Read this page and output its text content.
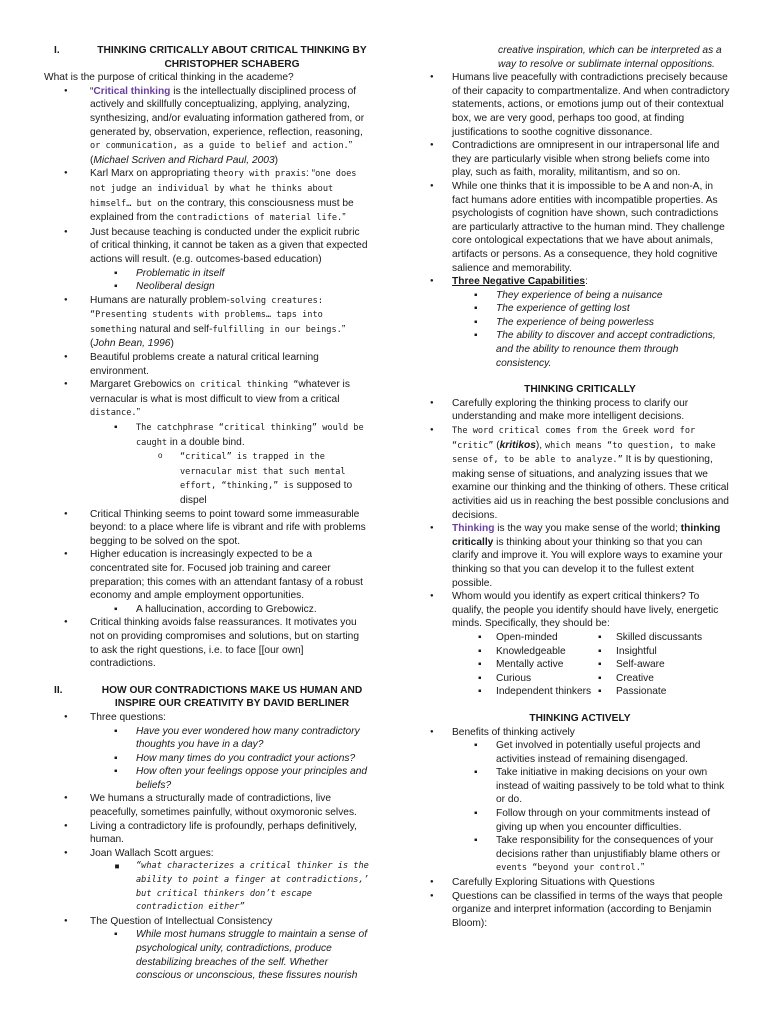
I.	THINKING CRITICALLY ABOUT CRITICAL THINKING BY
CHRISTOPHER SCHABERG
What is the purpose of critical thinking in the academe?
● “Critical thinking is the intellectually disciplined process of actively and skillfully conceptualizing, applying, analyzing, synthesizing, and/or evaluating information gathered from, or generated by, observation, experience, reflection, reasoning, or communication, as a guide to belief and action.” (Michael Scriven and Richard Paul, 2003)
● Karl Marx on appropriating theory with praxis: “one does not judge an individual by what he thinks about himself… but on the contrary, this consciousness must be explained from the contradictions of material life.”
● Just because teaching is conducted under the explicit rubric of critical thinking, it cannot be taken as a given that expected actions will result. (e.g. outcomes-based education)
▪ Problematic in itself
▪ Neoliberal design
● Humans are naturally problem-solving creatures: “Presenting students with problems… taps into something natural and self-fulfilling in our beings.” (John Bean, 1996)
● Beautiful problems create a natural critical learning environment.
● Margaret Grebowics on critical thinking “whatever is vernacular is what is most difficult to view from a critical distance.”
▪ The catchphrase “critical thinking” would be caught in a double bind.
o “critical” is trapped in the vernacular mist that such mental effort, “thinking,” is supposed to dispel
● Critical Thinking seems to point toward some immeasurable beyond: to a place where life is vibrant and rife with problems begging to be solved on the spot.
● Higher education is increasingly expected to be a concentrated site for. Focused job training and career preparation; this comes with an attendant fantasy of a robust economy and ample employment opportunities.
▪ A hallucination, according to Grebowicz.
● Critical thinking avoids false reassurances. It motivates you not on providing compromises and solutions, but on starting to ask the right questions, i.e. to face [[our own] contradictions.
II.	HOW OUR CONTRADICTIONS MAKE US HUMAN AND
INSPIRE OUR CREATIVITY BY DAVID BERLINER
● Three questions:
▪ Have you ever wondered how many contradictory thoughts you have in a day?
▪ How many times do you contradict your actions?
▪ How often your feelings oppose your principles and beliefs?
● We humans a structurally made of contradictions, live peacefully, sometimes painfully, without oxymoronic selves.
● Living a contradictory life is profoundly, perhaps definitively, human.
● Joan Wallach Scott argues:
▪ “what characterizes a critical thinker is the ability to point a finger at contradictions,’ but critical thinkers don’t escape contradiction either”
● The Question of Intellectual Consistency
▪ While most humans struggle to maintain a sense of psychological unity, contradictions, produce destabilizing breaches of the self. Whether conscious or unconscious, these fissures nourish
creative inspiration, which can be interpreted as a way to resolve or sublimate internal oppositions.
● Humans live peacefully with contradictions precisely because of their capacity to compartmentalize. And when contradictory statements, actions, or emotions jump out of their contextual box, we are very good, perhaps too good, at finding justifications to soothe cognitive dissonance.
● Contradictions are omnipresent in our intrapersonal life and they are particularly visible when strong beliefs come into play, such as faith, morality, militantism, and so on.
● While one thinks that it is impossible to be A and non-A, in fact humans adore entities with incompatible properties. As psychologists of cognition have shown, such contradictions are particularly attractive to the human mind. They challenge core ontological expectations that we have about animals, artifacts or persons. As a consequence, they hold cognitive salience and memorability.
● Three Negative Capabilities:
▪ They experience of being a nuisance
▪ The experience of getting lost
▪ The experience of being powerless
▪ The ability to discover and accept contradictions, and the ability to renounce them through consistency.
THINKING CRITICALLY
● Carefully exploring the thinking process to clarify our understanding and make more intelligent decisions.
● The word critical comes from the Greek word for “critic” (kritikos), which means “to question, to make sense of, to be able to analyze.” It is by questioning, making sense of situations, and analyzing issues that we examine our thinking and the thinking of others. These critical activities aid us in reaching the best possible conclusions and decisions.
● Thinking is the way you make sense of the world; thinking critically is thinking about your thinking so that you can clarify and improve it. You will explore ways to examine your thinking so that you can develop it to the fullest extent possible.
● Whom would you identify as expert critical thinkers? To qualify, the people you identify should have lively, energetic minds. Specifically, they should be:
▪ Open-minded	▪ Skilled discussants
▪ Knowledgeable	▪ Insightful
▪ Mentally active	▪ Self-aware
▪ Curious	▪ Creative
▪ Independent thinkers	▪ Passionate
THINKING ACTIVELY
● Benefits of thinking actively
▪ Get involved in potentially useful projects and activities instead of remaining disengaged.
▪ Take initiative in making decisions on your own instead of waiting passively to be told what to think or do.
▪ Follow through on your commitments instead of giving up when you encounter difficulties.
▪ Take responsibility for the consequences of your decisions rather than unjustifiably blame others or events “beyond your control.”
● Carefully Exploring Situations with Questions
● Questions can be classified in terms of the ways that people organize and interpret information (according to Benjamin Bloom):
